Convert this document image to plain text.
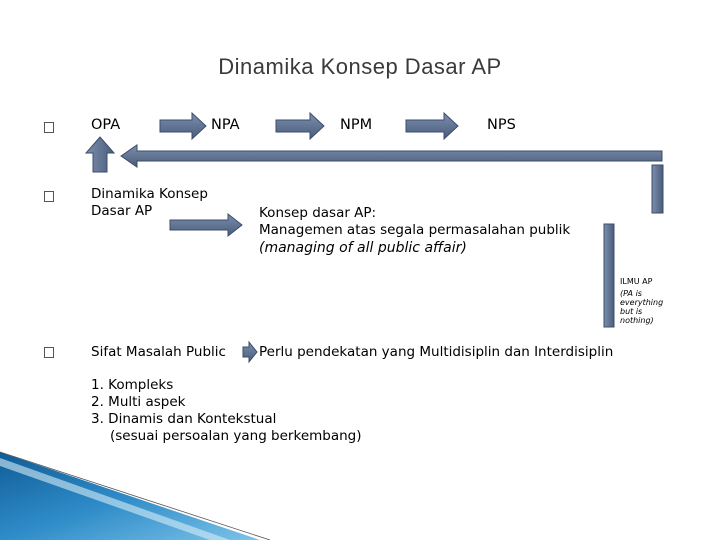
Dinamika Konsep Dasar AP
OPA	NPA	NPM	NPS
Dinamika Konsep
Dasar AP	Konsep dasar AP:
Managemen atas segala permasalahan publik
(managing of all public affair)
ILMU AP
(PA is
everything
but is
nothing)
Sifat Masalah Public Perlu pendekatan yang Multidisiplin dan Interdisiplin
1. Kompleks
2. Multi aspek
3. Dinamis dan Kontekstual
(sesuai persoalan yang berkembang)
